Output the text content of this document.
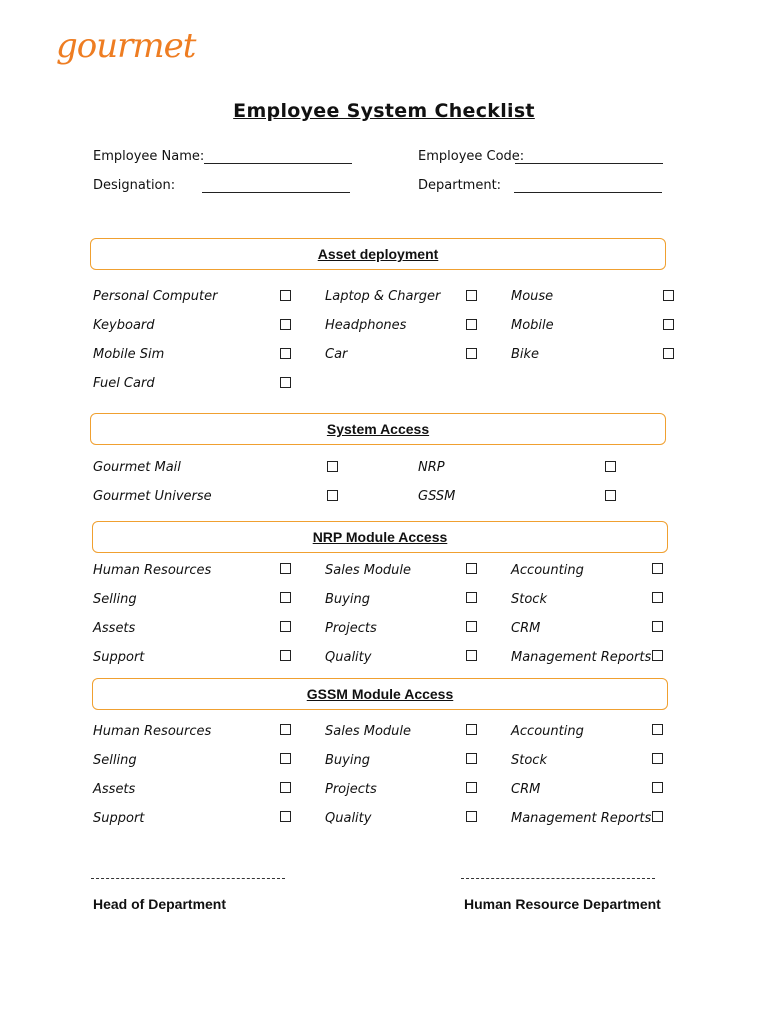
gourmet
Employee System Checklist
Employee Name:	Employee Code:
Designation:	Department:
Asset deployment
Personal Computer	Laptop & Charger	Mouse
Keyboard	Headphones	Mobile
Mobile Sim	Car	Bike
Fuel Card
System Access
Gourmet Mail	NRP
Gourmet Universe	GSSM
NRP Module Access
Human Resources	Sales Module	Accounting
Selling	Buying	Stock
Assets	Projects	CRM
Support	Quality	Management Reports
GSSM Module Access
Human Resources	Sales Module	Accounting
Selling	Buying	Stock
Assets	Projects	CRM
Support	Quality	Management Reports
Head of Department	Human Resource Department
